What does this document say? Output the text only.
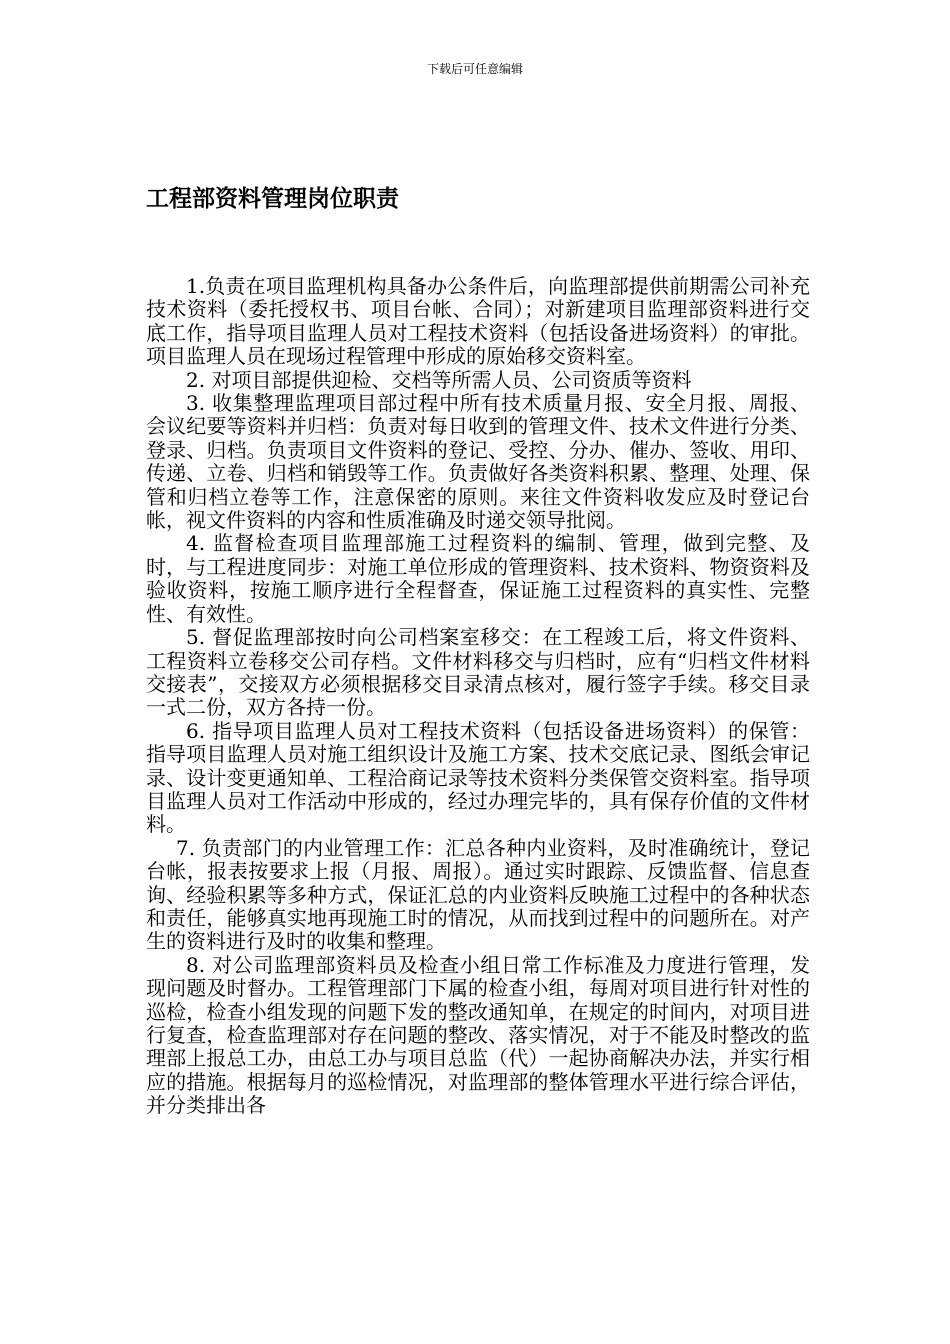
下载后可任意编辑
工程部资料管理岗位职责

1.负责在项目监理机构具备办公条件后，向监理部提供前期需公司补充技术资料（委托授权书、项目台帐、合同）；对新建项目监理部资料进行交底工作，指导项目监理人员对工程技术资料（包括设备进场资料）的审批。项目监理人员在现场过程管理中形成的原始移交资料室。

2. 对项目部提供迎检、交档等所需人员、公司资质等资料

3. 收集整理监理项目部过程中所有技术质量月报、安全月报、周报、会议纪要等资料并归档：负责对每日收到的管理文件、技术文件进行分类、登录、归档。负责项目文件资料的登记、受控、分办、催办、签收、用印、传递、立卷、归档和销毁等工作。负责做好各类资料积累、整理、处理、保管和归档立卷等工作，注意保密的原则。来往文件资料收发应及时登记台帐，视文件资料的内容和性质准确及时递交领导批阅。

4. 监督检查项目监理部施工过程资料的编制、管理，做到完整、及时，与工程进度同步：对施工单位形成的管理资料、技术资料、物资资料及验收资料，按施工顺序进行全程督查，保证施工过程资料的真实性、完整性、有效性。

5. 督促监理部按时向公司档案室移交：在工程竣工后，将文件资料、工程资料立卷移交公司存档。文件材料移交与归档时，应有“归档文件材料交接表”，交接双方必须根据移交目录清点核对，履行签字手续。移交目录一式二份，双方各持一份。

6. 指导项目监理人员对工程技术资料（包括设备进场资料）的保管：指导项目监理人员对施工组织设计及施工方案、技术交底记录、图纸会审记录、设计变更通知单、工程洽商记录等技术资料分类保管交资料室。指导项目监理人员对工作活动中形成的，经过办理完毕的，具有保存价值的文件材料。

7. 负责部门的内业管理工作：汇总各种内业资料，及时准确统计，登记台帐，报表按要求上报（月报、周报）。通过实时跟踪、反馈监督、信息查询、经验积累等多种方式，保证汇总的内业资料反映施工过程中的各种状态和责任，能够真实地再现施工时的情况，从而找到过程中的问题所在。对产生的资料进行及时的收集和整理。

8. 对公司监理部资料员及检查小组日常工作标准及力度进行管理，发现问题及时督办。工程管理部门下属的检查小组，每周对项目进行针对性的巡检，检查小组发现的问题下发的整改通知单，在规定的时间内，对项目进行复查，检查监理部对存在问题的整改、落实情况，对于不能及时整改的监理部上报总工办，由总工办与项目总监（代）一起协商解决办法，并实行相应的措施。根据每月的巡检情况，对监理部的整体管理水平进行综合评估，并分类排出各
